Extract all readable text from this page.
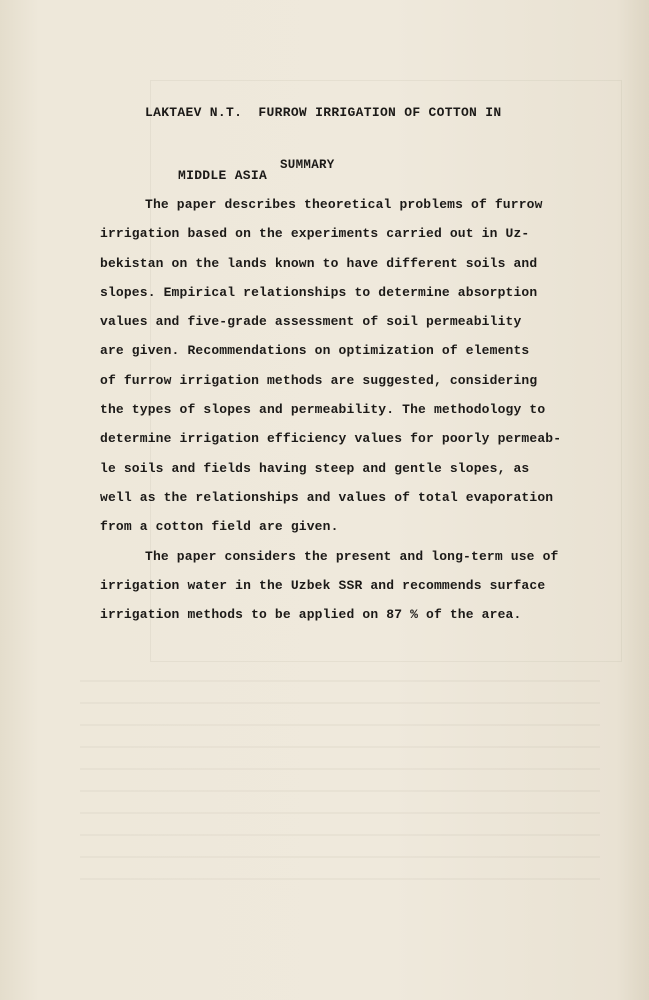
LAKTAEV N.T. FURROW IRRIGATION OF COTTON IN

MIDDLE ASIA

SUMMARY
The paper describes theoretical problems of furrow
irrigation based on the experiments carried out in Uz-
bekistan on the lands known to have different soils and
slopes. Empirical relationships to determine absorption
values and five-grade assessment of soil permeability
are given. Recommendations on optimization of elements
of furrow irrigation methods are suggested, considering
the types of slopes and permeability. The methodology to
determine irrigation efficiency values for poorly permeab-
le soils and fields having steep and gentle slopes, as
well as the relationships and values of total evaporation
from a cotton field are given.
The paper considers the present and long-term use of
irrigation water in the Uzbek SSR and recommends surface
irrigation methods to be applied on 87 % of the area.
